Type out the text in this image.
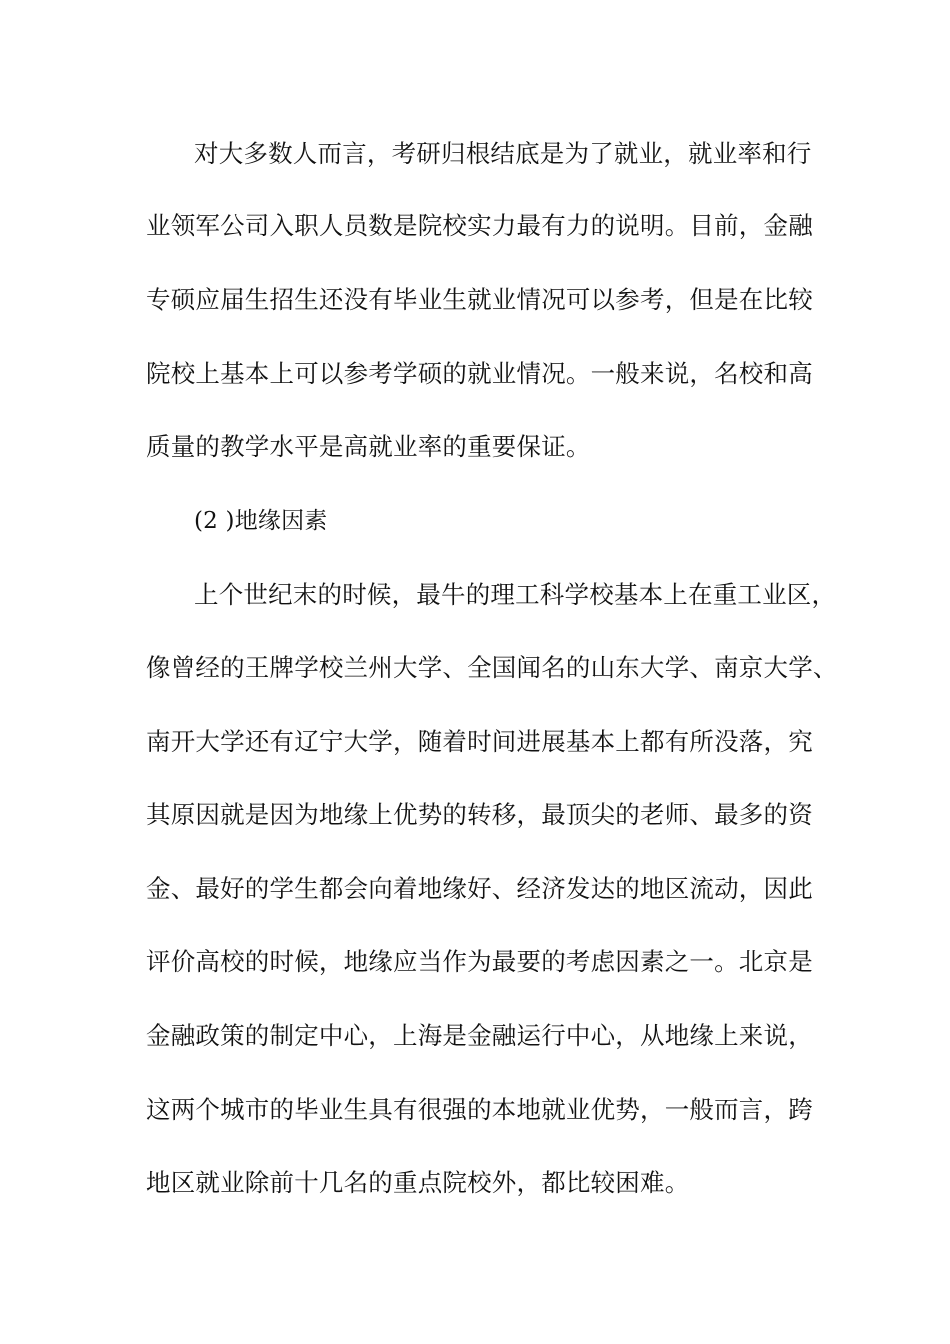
对大多数人而言，考研归根结底是为了就业，就业率和行
业领军公司入职人员数是院校实力最有力的说明。目前，金融
专硕应届生招生还没有毕业生就业情况可以参考，但是在比较
院校上基本上可以参考学硕的就业情况。一般来说，名校和高
质量的教学水平是高就业率的重要保证。
(2 )地缘因素
上个世纪末的时候，最牛的理工科学校基本上在重工业区，
像曾经的王牌学校兰州大学、全国闻名的山东大学、南京大学、
南开大学还有辽宁大学，随着时间进展基本上都有所没落，究
其原因就是因为地缘上优势的转移，最顶尖的老师、最多的资
金、最好的学生都会向着地缘好、经济发达的地区流动，因此
评价高校的时候，地缘应当作为最要的考虑因素之一。北京是
金融政策的制定中心，上海是金融运行中心，从地缘上来说，
这两个城市的毕业生具有很强的本地就业优势，一般而言，跨
地区就业除前十几名的重点院校外，都比较困难。
